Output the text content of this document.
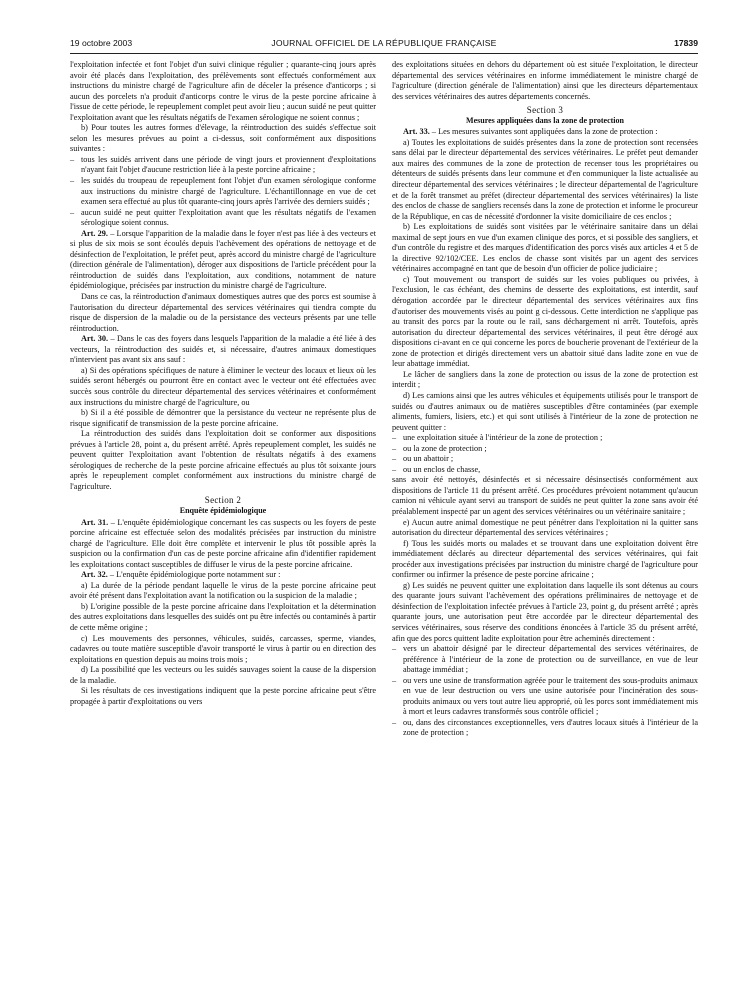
19 octobre 2003	JOURNAL OFFICIEL DE LA RÉPUBLIQUE FRANÇAISE	17839

l'exploitation infectée et font l'objet d'un suivi clinique régulier ; quarante-cinq jours après avoir été placés dans l'exploitation, des prélèvements sont effectués conformément aux instructions du ministre chargé de l'agriculture afin de déceler la présence d'anticorps ; si aucun des porcelets n'a produit d'anticorps contre le virus de la peste porcine africaine à l'issue de cette période, le repeuplement complet peut avoir lieu ; aucun suidé ne peut quitter l'exploitation avant que les résultats négatifs de l'examen sérologique ne soient connus ;

b) Pour toutes les autres formes d'élevage, la réintroduction des suidés s'effectue soit selon les mesures prévues au point a ci-dessus, soit conformément aux dispositions suivantes :

– tous les suidés arrivent dans une période de vingt jours et proviennent d'exploitations n'ayant fait l'objet d'aucune restriction liée à la peste porcine africaine ;
– les suidés du troupeau de repeuplement font l'objet d'un examen sérologique conforme aux instructions du ministre chargé de l'agriculture. L'échantillonnage en vue de cet examen sera effectué au plus tôt quarante-cinq jours après l'arrivée des derniers suidés ;
– aucun suidé ne peut quitter l'exploitation avant que les résultats négatifs de l'examen sérologique soient connus.

Art. 29. – Lorsque l'apparition de la maladie dans le foyer n'est pas liée à des vecteurs et si plus de six mois se sont écoulés depuis l'achèvement des opérations de nettoyage et de désinfection de l'exploitation, le préfet peut, après accord du ministre chargé de l'agriculture (direction générale de l'alimentation), déroger aux dispositions de l'article précédent pour la réintroduction de suidés dans l'exploitation, aux conditions, notamment de nature épidémiologique, précisées par instruction du ministre chargé de l'agriculture.

Dans ce cas, la réintroduction d'animaux domestiques autres que des porcs est soumise à l'autorisation du directeur départemental des services vétérinaires qui tiendra compte du risque de dispersion de la maladie ou de la persistance des vecteurs présents par une telle réintroduction.

Art. 30. – Dans le cas des foyers dans lesquels l'apparition de la maladie a été liée à des vecteurs, la réintroduction des suidés et, si nécessaire, d'autres animaux domestiques n'intervient pas avant six ans sauf :

a) Si des opérations spécifiques de nature à éliminer le vecteur des locaux et lieux où les suidés seront hébergés ou pourront être en contact avec le vecteur ont été effectuées avec succès sous contrôle du directeur départemental des services vétérinaires et conformément aux instructions du ministre chargé de l'agriculture, ou

b) Si il a été possible de démontrer que la persistance du vecteur ne représente plus de risque significatif de transmission de la peste porcine africaine.

La réintroduction des suidés dans l'exploitation doit se conformer aux dispositions prévues à l'article 28, point a, du présent arrêté. Après repeuplement complet, les suidés ne peuvent quitter l'exploitation avant l'obtention de résultats négatifs à des examens sérologiques de recherche de la peste porcine africaine effectués au plus tôt soixante jours après le repeuplement complet conformément aux instructions du ministre chargé de l'agriculture.

Section 2

Enquête épidémiologique

Art. 31. – L'enquête épidémiologique concernant les cas suspects ou les foyers de peste porcine africaine est effectuée selon des modalités précisées par instruction du ministre chargé de l'agriculture. Elle doit être complète et intervenir le plus tôt possible après la suspicion ou la confirmation d'un cas de peste porcine africaine afin d'identifier rapidement les exploitations contact susceptibles de diffuser le virus de la peste porcine africaine.

Art. 32. – L'enquête épidémiologique porte notamment sur :

a) La durée de la période pendant laquelle le virus de la peste porcine africaine peut avoir été présent dans l'exploitation avant la notification ou la suspicion de la maladie ;

b) L'origine possible de la peste porcine africaine dans l'exploitation et la détermination des autres exploitations dans lesquelles des suidés ont pu être infectés ou contaminés à partir de cette même origine ;

c) Les mouvements des personnes, véhicules, suidés, carcasses, sperme, viandes, cadavres ou toute matière susceptible d'avoir transporté le virus à partir ou en direction des exploitations en question depuis au moins trois mois ;

d) La possibilité que les vecteurs ou les suidés sauvages soient la cause de la dispersion de la maladie.

Si les résultats de ces investigations indiquent que la peste porcine africaine peut s'être propagée à partir d'exploitations ou vers

des exploitations situées en dehors du département où est située l'exploitation, le directeur départemental des services vétérinaires en informe immédiatement le ministre chargé de l'agriculture (direction générale de l'alimentation) ainsi que les directeurs départementaux des services vétérinaires des autres départements concernés.

Section 3

Mesures appliquées dans la zone de protection

Art. 33. – Les mesures suivantes sont appliquées dans la zone de protection :

a) Toutes les exploitations de suidés présentes dans la zone de protection sont recensées sans délai par le directeur départemental des services vétérinaires. Le préfet peut demander aux maires des communes de la zone de protection de recenser tous les propriétaires ou détenteurs de suidés présents dans leur commune et d'en communiquer la liste actualisée au directeur départemental des services vétérinaires ; le directeur départemental de l'agriculture et de la forêt transmet au préfet (directeur départemental des services vétérinaires) la liste des enclos de chasse de sangliers recensés dans la zone de protection et informe le procureur de la République, en cas de nécessité d'ordonner la visite domiciliaire de ces enclos ;

b) Les exploitations de suidés sont visitées par le vétérinaire sanitaire dans un délai maximal de sept jours en vue d'un examen clinique des porcs, et si possible des sangliers, et d'un contrôle du registre et des marques d'identification des porcs visés aux articles 4 et 5 de la directive 92/102/CEE. Les enclos de chasse sont visités par un agent des services vétérinaires accompagné en tant que de besoin d'un officier de police judiciaire ;

c) Tout mouvement ou transport de suidés sur les voies publiques ou privées, à l'exclusion, le cas échéant, des chemins de desserte des exploitations, est interdit, sauf dérogation accordée par le directeur départemental des services vétérinaires aux fins d'autoriser des mouvements visés au point g ci-dessous. Cette interdiction ne s'applique pas au transit des porcs par la route ou le rail, sans déchargement ni arrêt. Toutefois, après autorisation du directeur départemental des services vétérinaires, il peut être dérogé aux dispositions ci-avant en ce qui concerne les porcs de boucherie provenant de l'extérieur de la zone de protection et dirigés directement vers un abattoir situé dans ladite zone en vue de leur abattage immédiat.

Le lâcher de sangliers dans la zone de protection ou issus de la zone de protection est interdit ;

d) Les camions ainsi que les autres véhicules et équipements utilisés pour le transport de suidés ou d'autres animaux ou de matières susceptibles d'être contaminées (par exemple aliments, fumiers, lisiers, etc.) et qui sont utilisés à l'intérieur de la zone de protection ne peuvent quitter :

– une exploitation située à l'intérieur de la zone de protection ;
– ou la zone de protection ;
– ou un abattoir ;
– ou un enclos de chasse,

sans avoir été nettoyés, désinfectés et si nécessaire désinsectisés conformément aux dispositions de l'article 11 du présent arrêté. Ces procédures prévoient notamment qu'aucun camion ni véhicule ayant servi au transport de suidés ne peut quitter la zone sans avoir été préalablement inspecté par un agent des services vétérinaires ou un vétérinaire sanitaire ;

e) Aucun autre animal domestique ne peut pénétrer dans l'exploitation ni la quitter sans autorisation du directeur départemental des services vétérinaires ;

f) Tous les suidés morts ou malades et se trouvant dans une exploitation doivent être immédiatement déclarés au directeur départemental des services vétérinaires, qui fait procéder aux investigations précisées par instruction du ministre chargé de l'agriculture pour confirmer ou infirmer la présence de peste porcine africaine ;

g) Les suidés ne peuvent quitter une exploitation dans laquelle ils sont détenus au cours des quarante jours suivant l'achèvement des opérations préliminaires de nettoyage et de désinfection de l'exploitation infectée prévues à l'article 23, point g, du présent arrêté ; après quarante jours, une autorisation peut être accordée par le directeur départemental des services vétérinaires, sous réserve des conditions énoncées à l'article 35 du présent arrêté, afin que des porcs quittent ladite exploitation pour être acheminés directement :

– vers un abattoir désigné par le directeur départemental des services vétérinaires, de préférence à l'intérieur de la zone de protection ou de surveillance, en vue de leur abattage immédiat ;
– ou vers une usine de transformation agréée pour le traitement des sous-produits animaux en vue de leur destruction ou vers une usine autorisée pour l'incinération des sous-produits animaux ou vers tout autre lieu approprié, où les porcs sont immédiatement mis à mort et leurs cadavres transformés sous contrôle officiel ;
– ou, dans des circonstances exceptionnelles, vers d'autres locaux situés à l'intérieur de la zone de protection ;
